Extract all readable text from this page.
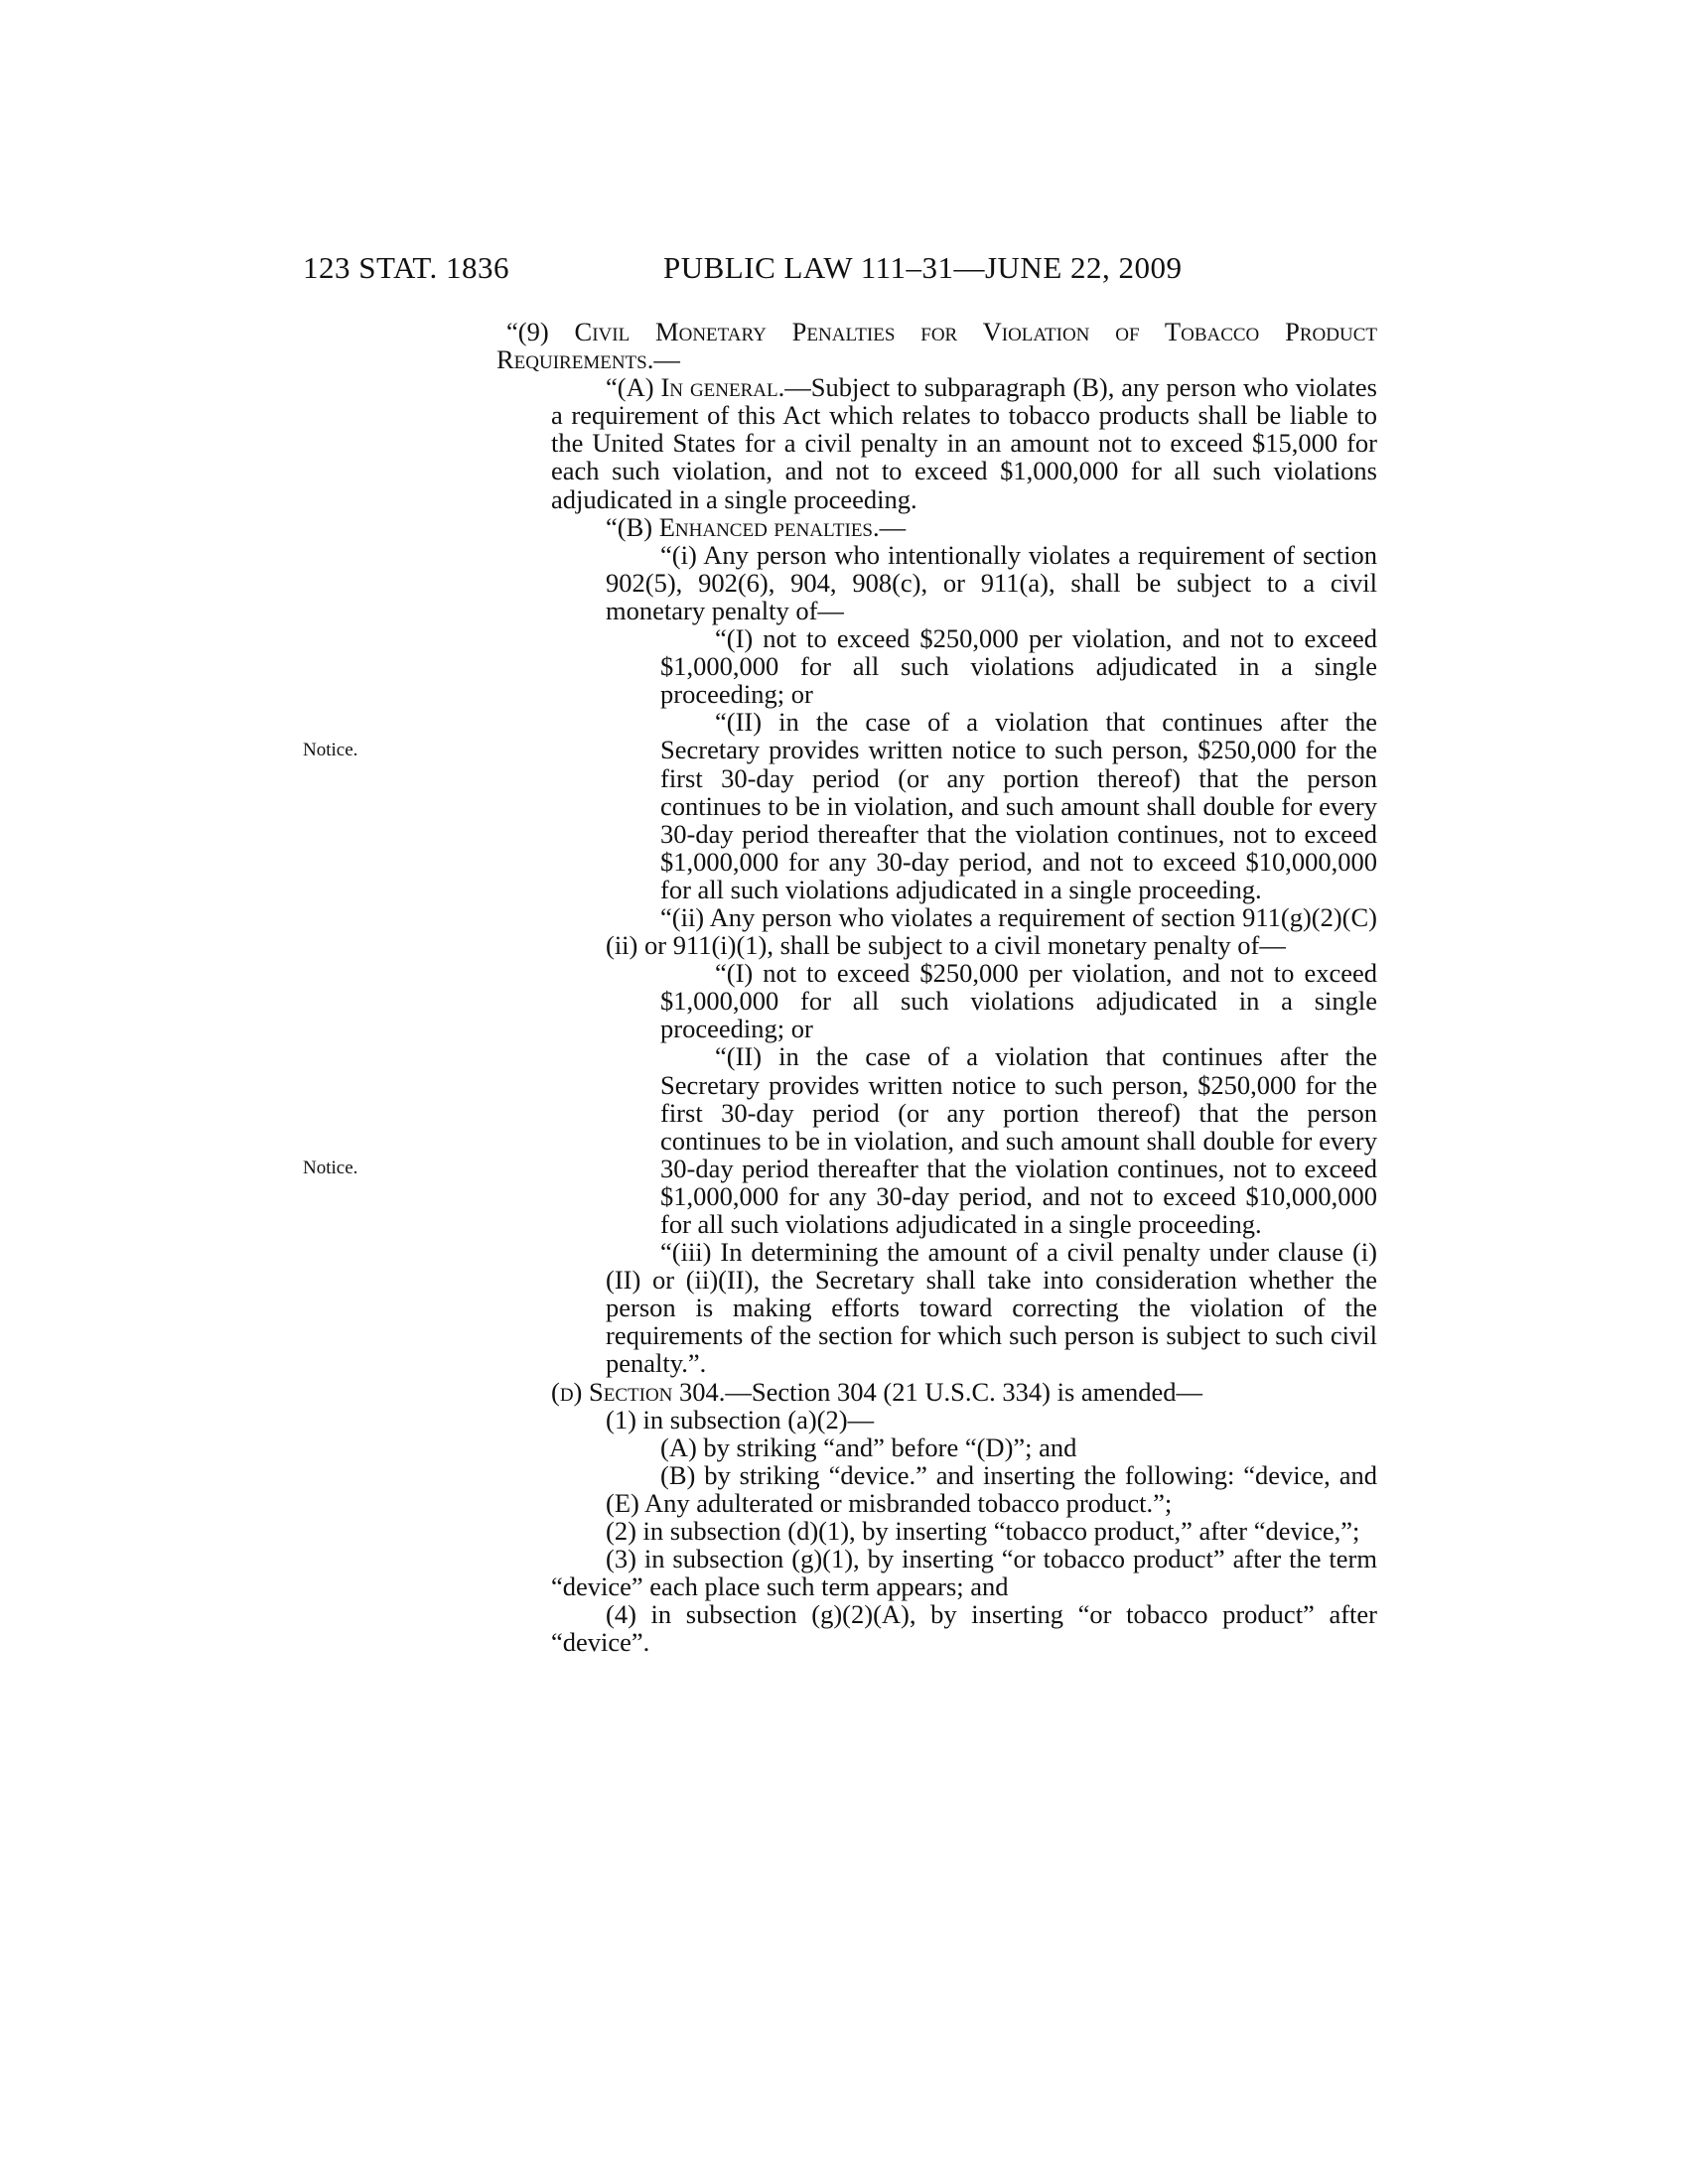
123 STAT. 1836	PUBLIC LAW 111–31—JUNE 22, 2009
Notice.
Notice.

“(9) Civil Monetary Penalties for Violation of Tobacco Product Requirements.—

“(A) In general.—Subject to subparagraph (B), any person who violates a requirement of this Act which relates to tobacco products shall be liable to the United States for a civil penalty in an amount not to exceed $15,000 for each such violation, and not to exceed $1,000,000 for all such violations adjudicated in a single proceeding.

“(B) Enhanced penalties.—

“(i) Any person who intentionally violates a requirement of section 902(5), 902(6), 904, 908(c), or 911(a), shall be subject to a civil monetary penalty of—

“(I) not to exceed $250,000 per violation, and not to exceed $1,000,000 for all such violations adjudicated in a single proceeding; or

“(II) in the case of a violation that continues after the Secretary provides written notice to such person, $250,000 for the first 30-day period (or any portion thereof) that the person continues to be in violation, and such amount shall double for every 30-day period thereafter that the violation continues, not to exceed $1,000,000 for any 30-day period, and not to exceed $10,000,000 for all such violations adjudicated in a single proceeding.

“(ii) Any person who violates a requirement of section 911(g)(2)(C)(ii) or 911(i)(1), shall be subject to a civil monetary penalty of—

“(I) not to exceed $250,000 per violation, and not to exceed $1,000,000 for all such violations adjudicated in a single proceeding; or

“(II) in the case of a violation that continues after the Secretary provides written notice to such person, $250,000 for the first 30-day period (or any portion thereof) that the person continues to be in violation, and such amount shall double for every 30-day period thereafter that the violation continues, not to exceed $1,000,000 for any 30-day period, and not to exceed $10,000,000 for all such violations adjudicated in a single proceeding.

“(iii) In determining the amount of a civil penalty under clause (i)(II) or (ii)(II), the Secretary shall take into consideration whether the person is making efforts toward correcting the violation of the requirements of the section for which such person is subject to such civil penalty.”.

(d) Section 304.—Section 304 (21 U.S.C. 334) is amended—

(1) in subsection (a)(2)—

(A) by striking “and” before “(D)”; and

(B) by striking “device.” and inserting the following: “device, and (E) Any adulterated or misbranded tobacco product.”;

(2) in subsection (d)(1), by inserting “tobacco product,” after “device,”;

(3) in subsection (g)(1), by inserting “or tobacco product” after the term “device” each place such term appears; and

(4) in subsection (g)(2)(A), by inserting “or tobacco product” after “device”.
